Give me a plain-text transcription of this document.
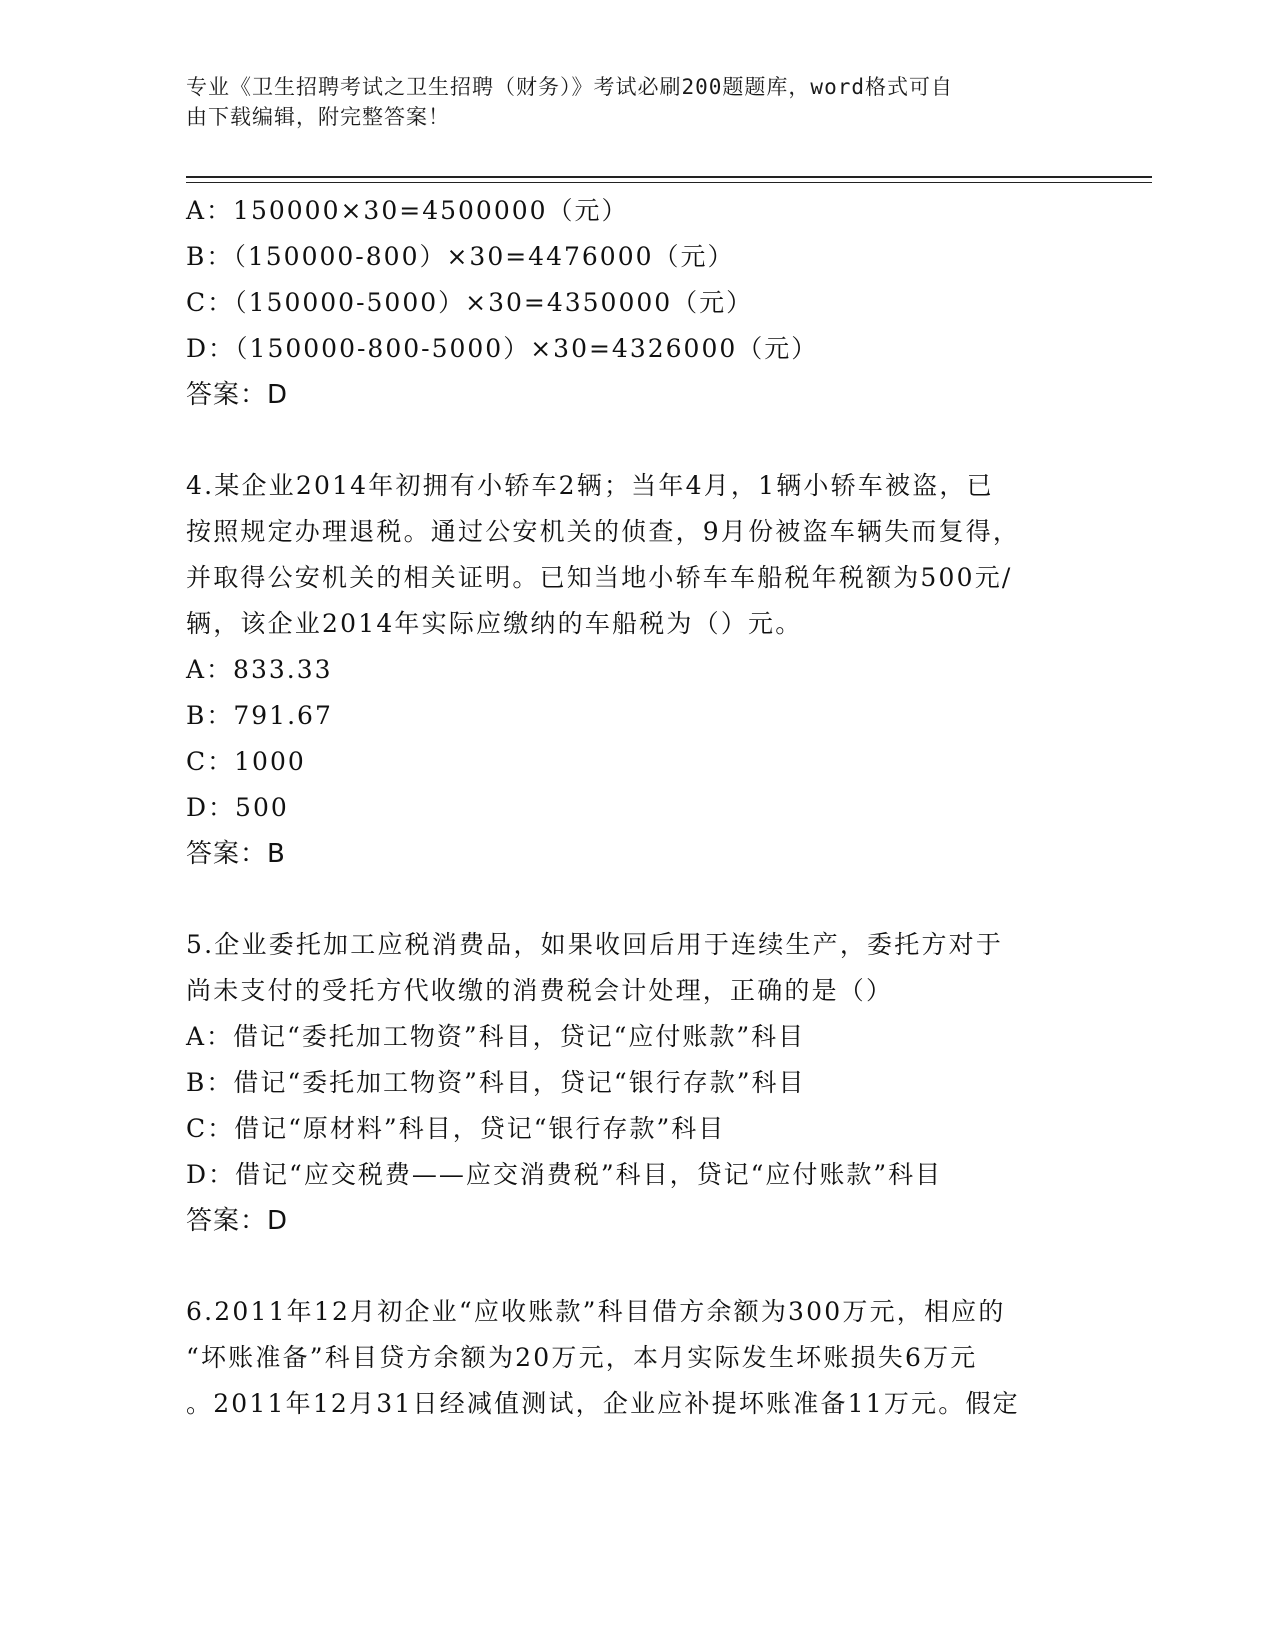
专业《卫生招聘考试之卫生招聘（财务）》考试必刷200题题库，word格式可自
由下载编辑，附完整答案！
A：150000×30=4500000（元）
B：（150000-800）×30=4476000（元）
C：（150000-5000）×30=4350000（元）
D：（150000-800-5000）×30=4326000（元）
答案：D
4.某企业2014年初拥有小轿车2辆；当年4月，1辆小轿车被盗，已
按照规定办理退税。通过公安机关的侦查，9月份被盗车辆失而复得，
并取得公安机关的相关证明。已知当地小轿车车船税年税额为500元/
辆，该企业2014年实际应缴纳的车船税为（）元。
A：833.33
B：791.67
C：1000
D：500
答案：B
5.企业委托加工应税消费品，如果收回后用于连续生产，委托方对于
尚未支付的受托方代收缴的消费税会计处理，正确的是（）
A：借记“委托加工物资”科目，贷记“应付账款”科目
B：借记“委托加工物资”科目，贷记“银行存款”科目
C：借记“原材料”科目，贷记“银行存款”科目
D：借记“应交税费——应交消费税”科目，贷记“应付账款”科目
答案：D
6.2011年12月初企业“应收账款”科目借方余额为300万元，相应的
“坏账准备”科目贷方余额为20万元，本月实际发生坏账损失6万元
。2011年12月31日经减值测试，企业应补提坏账准备11万元。假定
